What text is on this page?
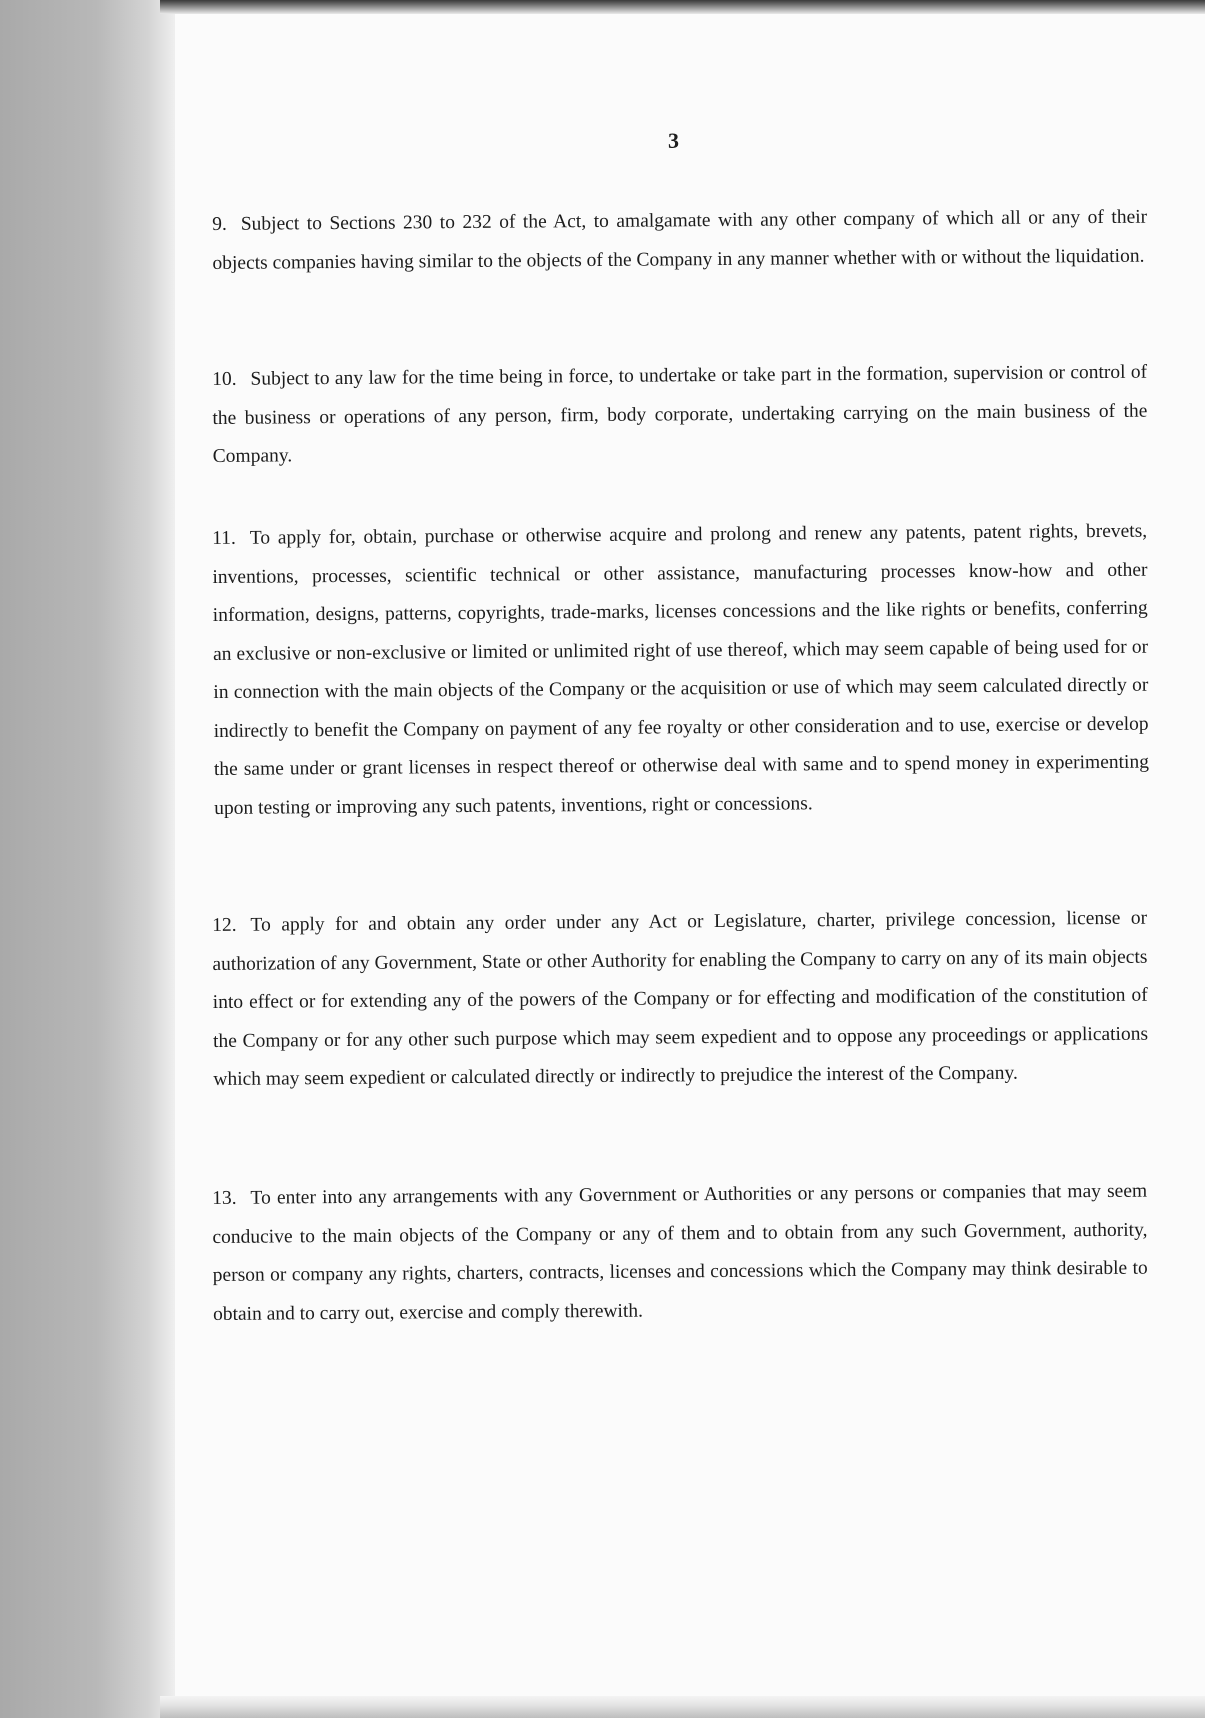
3
9. Subject to Sections 230 to 232 of the Act, to amalgamate with any other company of which all or any of their objects companies having similar to the objects of the Company in any manner whether with or without the liquidation.
10. Subject to any law for the time being in force, to undertake or take part in the formation, supervision or control of the business or operations of any person, firm, body corporate, undertaking carrying on the main business of the Company.
11. To apply for, obtain, purchase or otherwise acquire and prolong and renew any patents, patent rights, brevets, inventions, processes, scientific technical or other assistance, manufacturing processes know-how and other information, designs, patterns, copyrights, trade-marks, licenses concessions and the like rights or benefits, conferring an exclusive or non-exclusive or limited or unlimited right of use thereof, which may seem capable of being used for or in connection with the main objects of the Company or the acquisition or use of which may seem calculated directly or indirectly to benefit the Company on payment of any fee royalty or other consideration and to use, exercise or develop the same under or grant licenses in respect thereof or otherwise deal with same and to spend money in experimenting upon testing or improving any such patents, inventions, right or concessions.
12. To apply for and obtain any order under any Act or Legislature, charter, privilege concession, license or authorization of any Government, State or other Authority for enabling the Company to carry on any of its main objects into effect or for extending any of the powers of the Company or for effecting and modification of the constitution of the Company or for any other such purpose which may seem expedient and to oppose any proceedings or applications which may seem expedient or calculated directly or indirectly to prejudice the interest of the Company.
13. To enter into any arrangements with any Government or Authorities or any persons or companies that may seem conducive to the main objects of the Company or any of them and to obtain from any such Government, authority, person or company any rights, charters, contracts, licenses and concessions which the Company may think desirable to obtain and to carry out, exercise and comply therewith.
